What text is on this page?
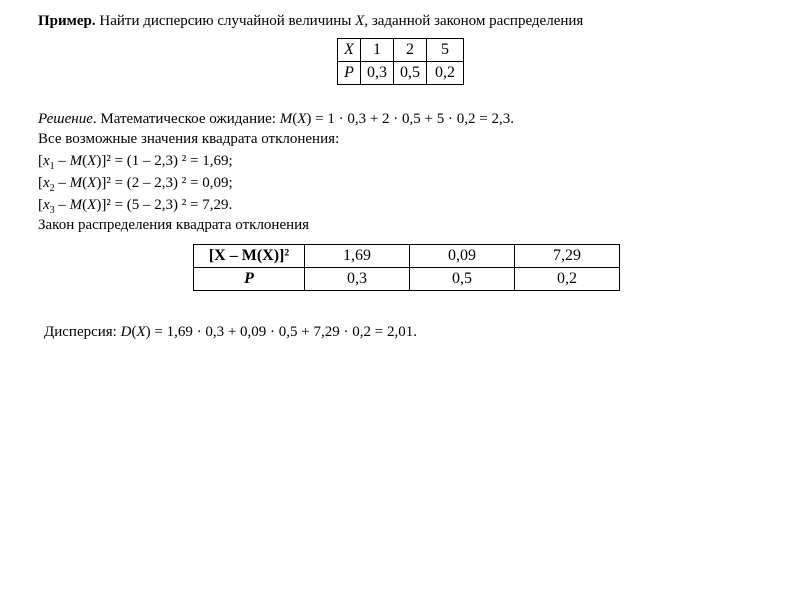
Пример. Найти дисперсию случайной величины X, заданной законом распределения
X	1	2	5
P	0,3	0,5	0,2
Решение. Математическое ожидание: M(X) = 1 · 0,3 + 2 · 0,5 + 5 · 0,2 = 2,3.
Все возможные значения квадрата отклонения:
$[x_1 - M(X)]^2 = (1 - 2,3) ^2 = 1,69$;
$[x_2 - M(X)]^2 = (2 - 2,3) ^2 = 0,09$;
$[x_3 - M(X)]^2 = (5 - 2,3) ^2 = 7,29$.
Закон распределения квадрата отклонения
[X – M(X)]²	1,69	0,09	7,29
P	0,3	0,5	0,2
Дисперсия: D(X) = 1,69 · 0,3 + 0,09 · 0,5 + 7,29 · 0,2 = 2,01.
